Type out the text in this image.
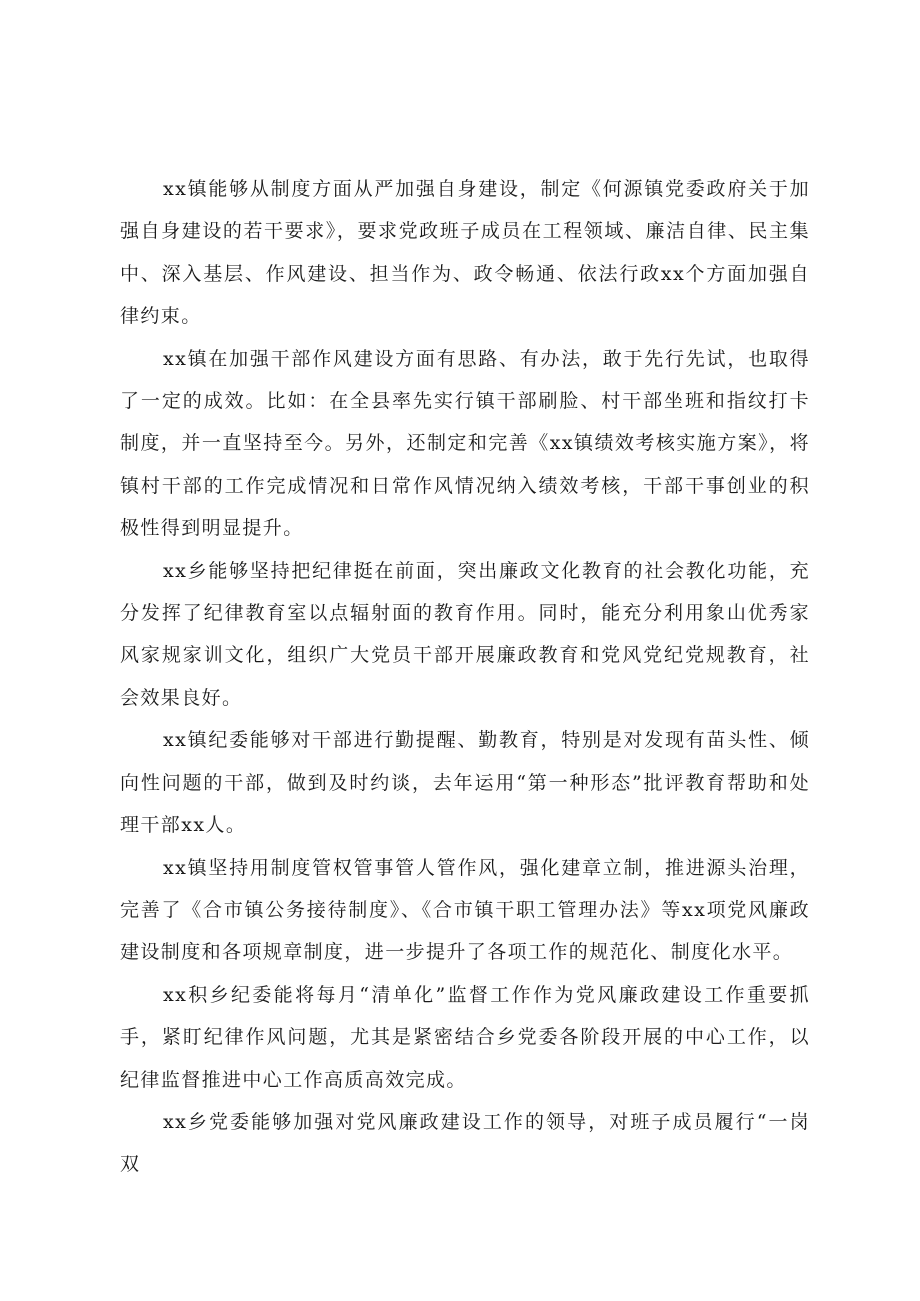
xx镇能够从制度方面从严加强自身建设，制定《何源镇党委政府关于加强自身建设的若干要求》，要求党政班子成员在工程领域、廉洁自律、民主集中、深入基层、作风建设、担当作为、政令畅通、依法行政xx个方面加强自律约束。

xx镇在加强干部作风建设方面有思路、有办法，敢于先行先试，也取得了一定的成效。比如：在全县率先实行镇干部刷脸、村干部坐班和指纹打卡制度，并一直坚持至今。另外，还制定和完善《xx镇绩效考核实施方案》，将镇村干部的工作完成情况和日常作风情况纳入绩效考核，干部干事创业的积极性得到明显提升。

xx乡能够坚持把纪律挺在前面，突出廉政文化教育的社会教化功能，充分发挥了纪律教育室以点辐射面的教育作用。同时，能充分利用象山优秀家风家规家训文化，组织广大党员干部开展廉政教育和党风党纪党规教育，社会效果良好。

xx镇纪委能够对干部进行勤提醒、勤教育，特别是对发现有苗头性、倾向性问题的干部，做到及时约谈，去年运用“第一种形态”批评教育帮助和处理干部xx人。

xx镇坚持用制度管权管事管人管作风，强化建章立制，推进源头治理，完善了《合市镇公务接待制度》、《合市镇干职工管理办法》等xx项党风廉政建设制度和各项规章制度，进一步提升了各项工作的规范化、制度化水平。

xx积乡纪委能将每月“清单化”监督工作作为党风廉政建设工作重要抓手，紧盯纪律作风问题，尤其是紧密结合乡党委各阶段开展的中心工作，以纪律监督推进中心工作高质高效完成。

xx乡党委能够加强对党风廉政建设工作的领导，对班子成员履行“一岗双
